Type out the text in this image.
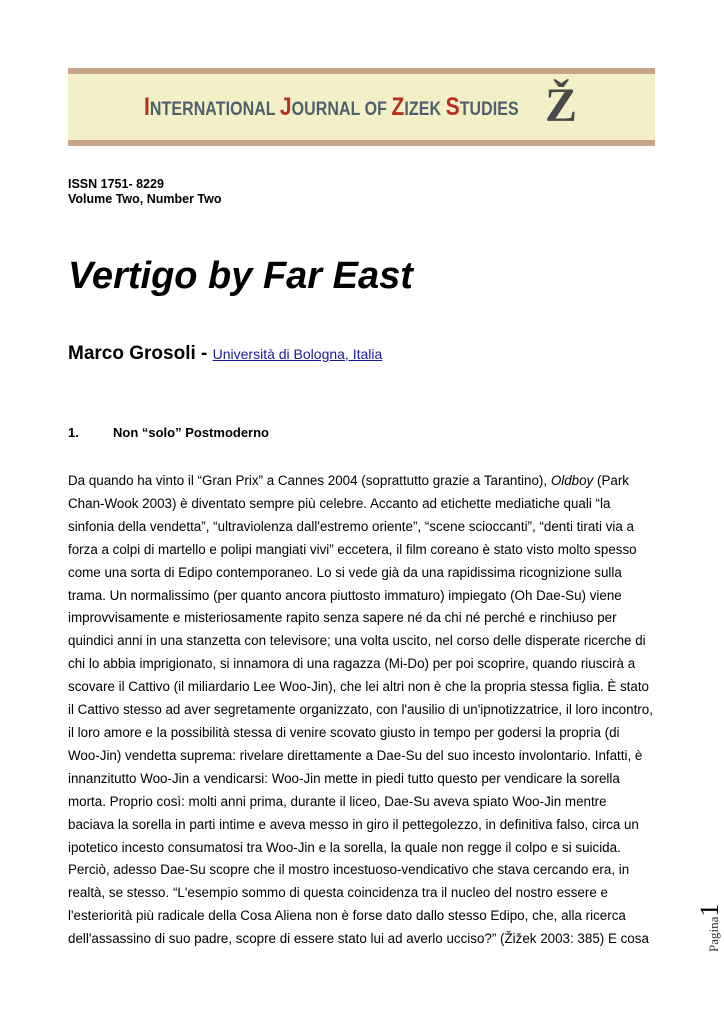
INTERNATIONAL JOURNAL OF ZIZEK STUDIES Ž
ISSN 1751- 8229
Volume Two, Number Two
Vertigo by Far East
Marco Grosoli - Università di Bologna, Italia
1.	Non “solo” Postmoderno
Da quando ha vinto il “Gran Prix” a Cannes 2004 (soprattutto grazie a Tarantino), Oldboy (Park
Chan-Wook 2003) è diventato sempre più celebre. Accanto ad etichette mediatiche quali “la
sinfonia della vendetta”, “ultraviolenza dall'estremo oriente”, “scene scioccanti”, “denti tirati via a
forza a colpi di martello e polipi mangiati vivi” eccetera, il film coreano è stato visto molto spesso
come una sorta di Edipo contemporaneo. Lo si vede già da una rapidissima ricognizione sulla
trama. Un normalissimo (per quanto ancora piuttosto immaturo) impiegato (Oh Dae-Su) viene
improvvisamente e misteriosamente rapito senza sapere né da chi né perché e rinchiuso per
quindici anni in una stanzetta con televisore; una volta uscito, nel corso delle disperate ricerche di
chi lo abbia imprigionato, si innamora di una ragazza (Mi-Do) per poi scoprire, quando riuscirà a
scovare il Cattivo (il miliardario Lee Woo-Jin), che lei altri non è che la propria stessa figlia. È stato
il Cattivo stesso ad aver segretamente organizzato, con l'ausilio di un'ipnotizzatrice, il loro incontro,
il loro amore e la possibilità stessa di venire scovato giusto in tempo per godersi la propria (di
Woo-Jin) vendetta suprema: rivelare direttamente a Dae-Su del suo incesto involontario. Infatti, è
innanzitutto Woo-Jin a vendicarsi: Woo-Jin mette in piedi tutto questo per vendicare la sorella
morta. Proprio così: molti anni prima, durante il liceo, Dae-Su aveva spiato Woo-Jin mentre
baciava la sorella in parti intime e aveva messo in giro il pettegolezzo, in definitiva falso, circa un
ipotetico incesto consumatosi tra Woo-Jin e la sorella, la quale non regge il colpo e si suicida.
Perciò, adesso Dae-Su scopre che il mostro incestuoso-vendicativo che stava cercando era, in
realtà, se stesso. “L'esempio sommo di questa coincidenza tra il nucleo del nostro essere e
l'esteriorità più radicale della Cosa Aliena non è forse dato dallo stesso Edipo, che, alla ricerca
dell'assassino di suo padre, scopre di essere stato lui ad averlo ucciso?” (Žižek 2003: 385) E cosa	Pagina1
